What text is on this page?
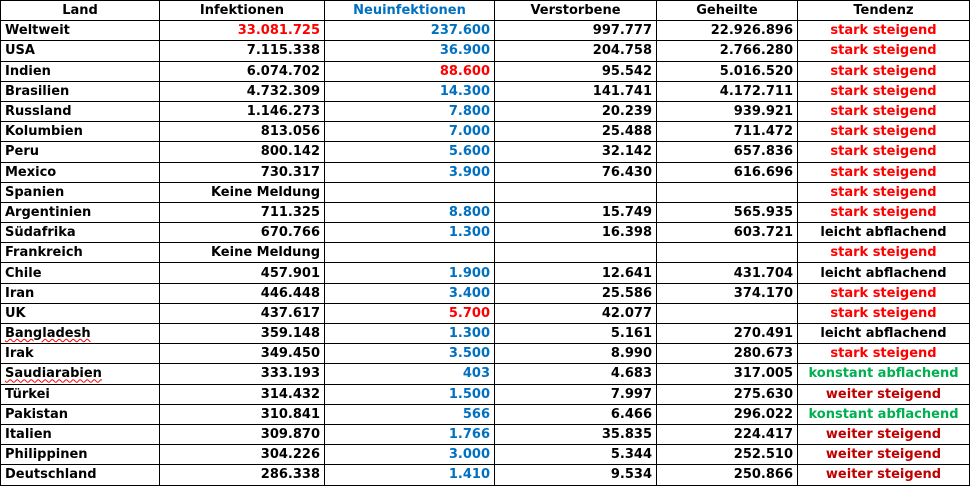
Land	Infektionen	Neuinfektionen	Verstorbene	Geheilte	Tendenz
Weltweit	33.081.725	237.600	997.777	22.926.896	stark steigend
USA	7.115.338	36.900	204.758	2.766.280	stark steigend
Indien	6.074.702	88.600	95.542	5.016.520	stark steigend
Brasilien	4.732.309	14.300	141.741	4.172.711	stark steigend
Russland	1.146.273	7.800	20.239	939.921	stark steigend
Kolumbien	813.056	7.000	25.488	711.472	stark steigend
Peru	800.142	5.600	32.142	657.836	stark steigend
Mexico	730.317	3.900	76.430	616.696	stark steigend
Spanien	Keine Meldung				stark steigend
Argentinien	711.325	8.800	15.749	565.935	stark steigend
Südafrika	670.766	1.300	16.398	603.721	leicht abflachend
Frankreich	Keine Meldung				stark steigend
Chile	457.901	1.900	12.641	431.704	leicht abflachend
Iran	446.448	3.400	25.586	374.170	stark steigend
UK	437.617	5.700	42.077		stark steigend
Bangladesh	359.148	1.300	5.161	270.491	leicht abflachend
Irak	349.450	3.500	8.990	280.673	stark steigend
Saudiarabien	333.193	403	4.683	317.005	konstant abflachend
Türkei	314.432	1.500	7.997	275.630	weiter steigend
Pakistan	310.841	566	6.466	296.022	konstant abflachend
Italien	309.870	1.766	35.835	224.417	weiter steigend
Philippinen	304.226	3.000	5.344	252.510	weiter steigend
Deutschland	286.338	1.410	9.534	250.866	weiter steigend
